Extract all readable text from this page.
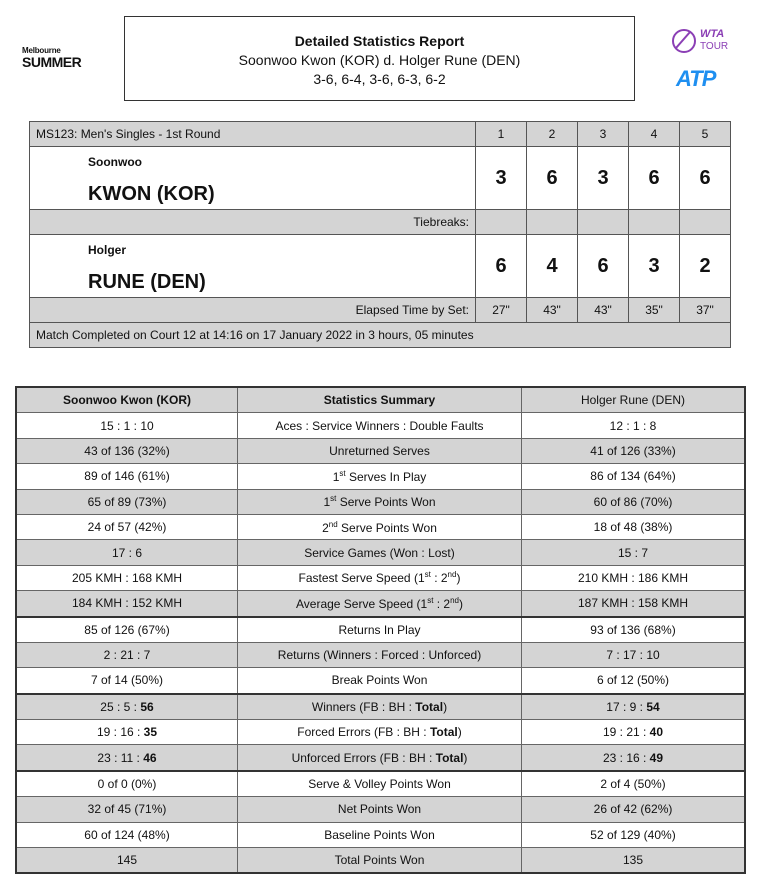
Melbourne
SUMMER
WTA
TOUR
ATP
Detailed Statistics Report
Soonwoo Kwon (KOR) d. Holger Rune (DEN)
3-6, 6-4, 3-6, 6-3, 6-2
MS123: Men's Singles - 1st Round	1	2	3	4	5

Soonwoo
KWON (KOR)	3	6	3	6	6
Tiebreaks:					

Holger
RUNE (DEN)	6	4	6	3	2
Elapsed Time by Set:	27"	43"	43"	35"	37"
Match Completed on Court 12 at 14:16 on 17 January 2022 in 3 hours, 05 minutes					
Soonwoo Kwon (KOR)	Statistics Summary	Holger Rune (DEN)
15 : 1 : 10	Aces : Service Winners : Double Faults	12 : 1 : 8
43 of 136 (32%)	Unreturned Serves	41 of 126 (33%)
89 of 146 (61%)	1st Serves In Play	86 of 134 (64%)
65 of 89 (73%)	1st Serve Points Won	60 of 86 (70%)
24 of 57 (42%)	2nd Serve Points Won	18 of 48 (38%)
17 : 6	Service Games (Won : Lost)	15 : 7
205 KMH : 168 KMH	Fastest Serve Speed (1st : 2nd)	210 KMH : 186 KMH
184 KMH : 152 KMH	Average Serve Speed (1st : 2nd)	187 KMH : 158 KMH
85 of 126 (67%)	Returns In Play	93 of 136 (68%)
2 : 21 : 7	Returns (Winners : Forced : Unforced)	7 : 17 : 10
7 of 14 (50%)	Break Points Won	6 of 12 (50%)
25 : 5 : 56	Winners (FB : BH : Total)	17 : 9 : 54
19 : 16 : 35	Forced Errors (FB : BH : Total)	19 : 21 : 40
23 : 11 : 46	Unforced Errors (FB : BH : Total)	23 : 16 : 49
0 of 0 (0%)	Serve & Volley Points Won	2 of 4 (50%)
32 of 45 (71%)	Net Points Won	26 of 42 (62%)
60 of 124 (48%)	Baseline Points Won	52 of 129 (40%)
145	Total Points Won	135
